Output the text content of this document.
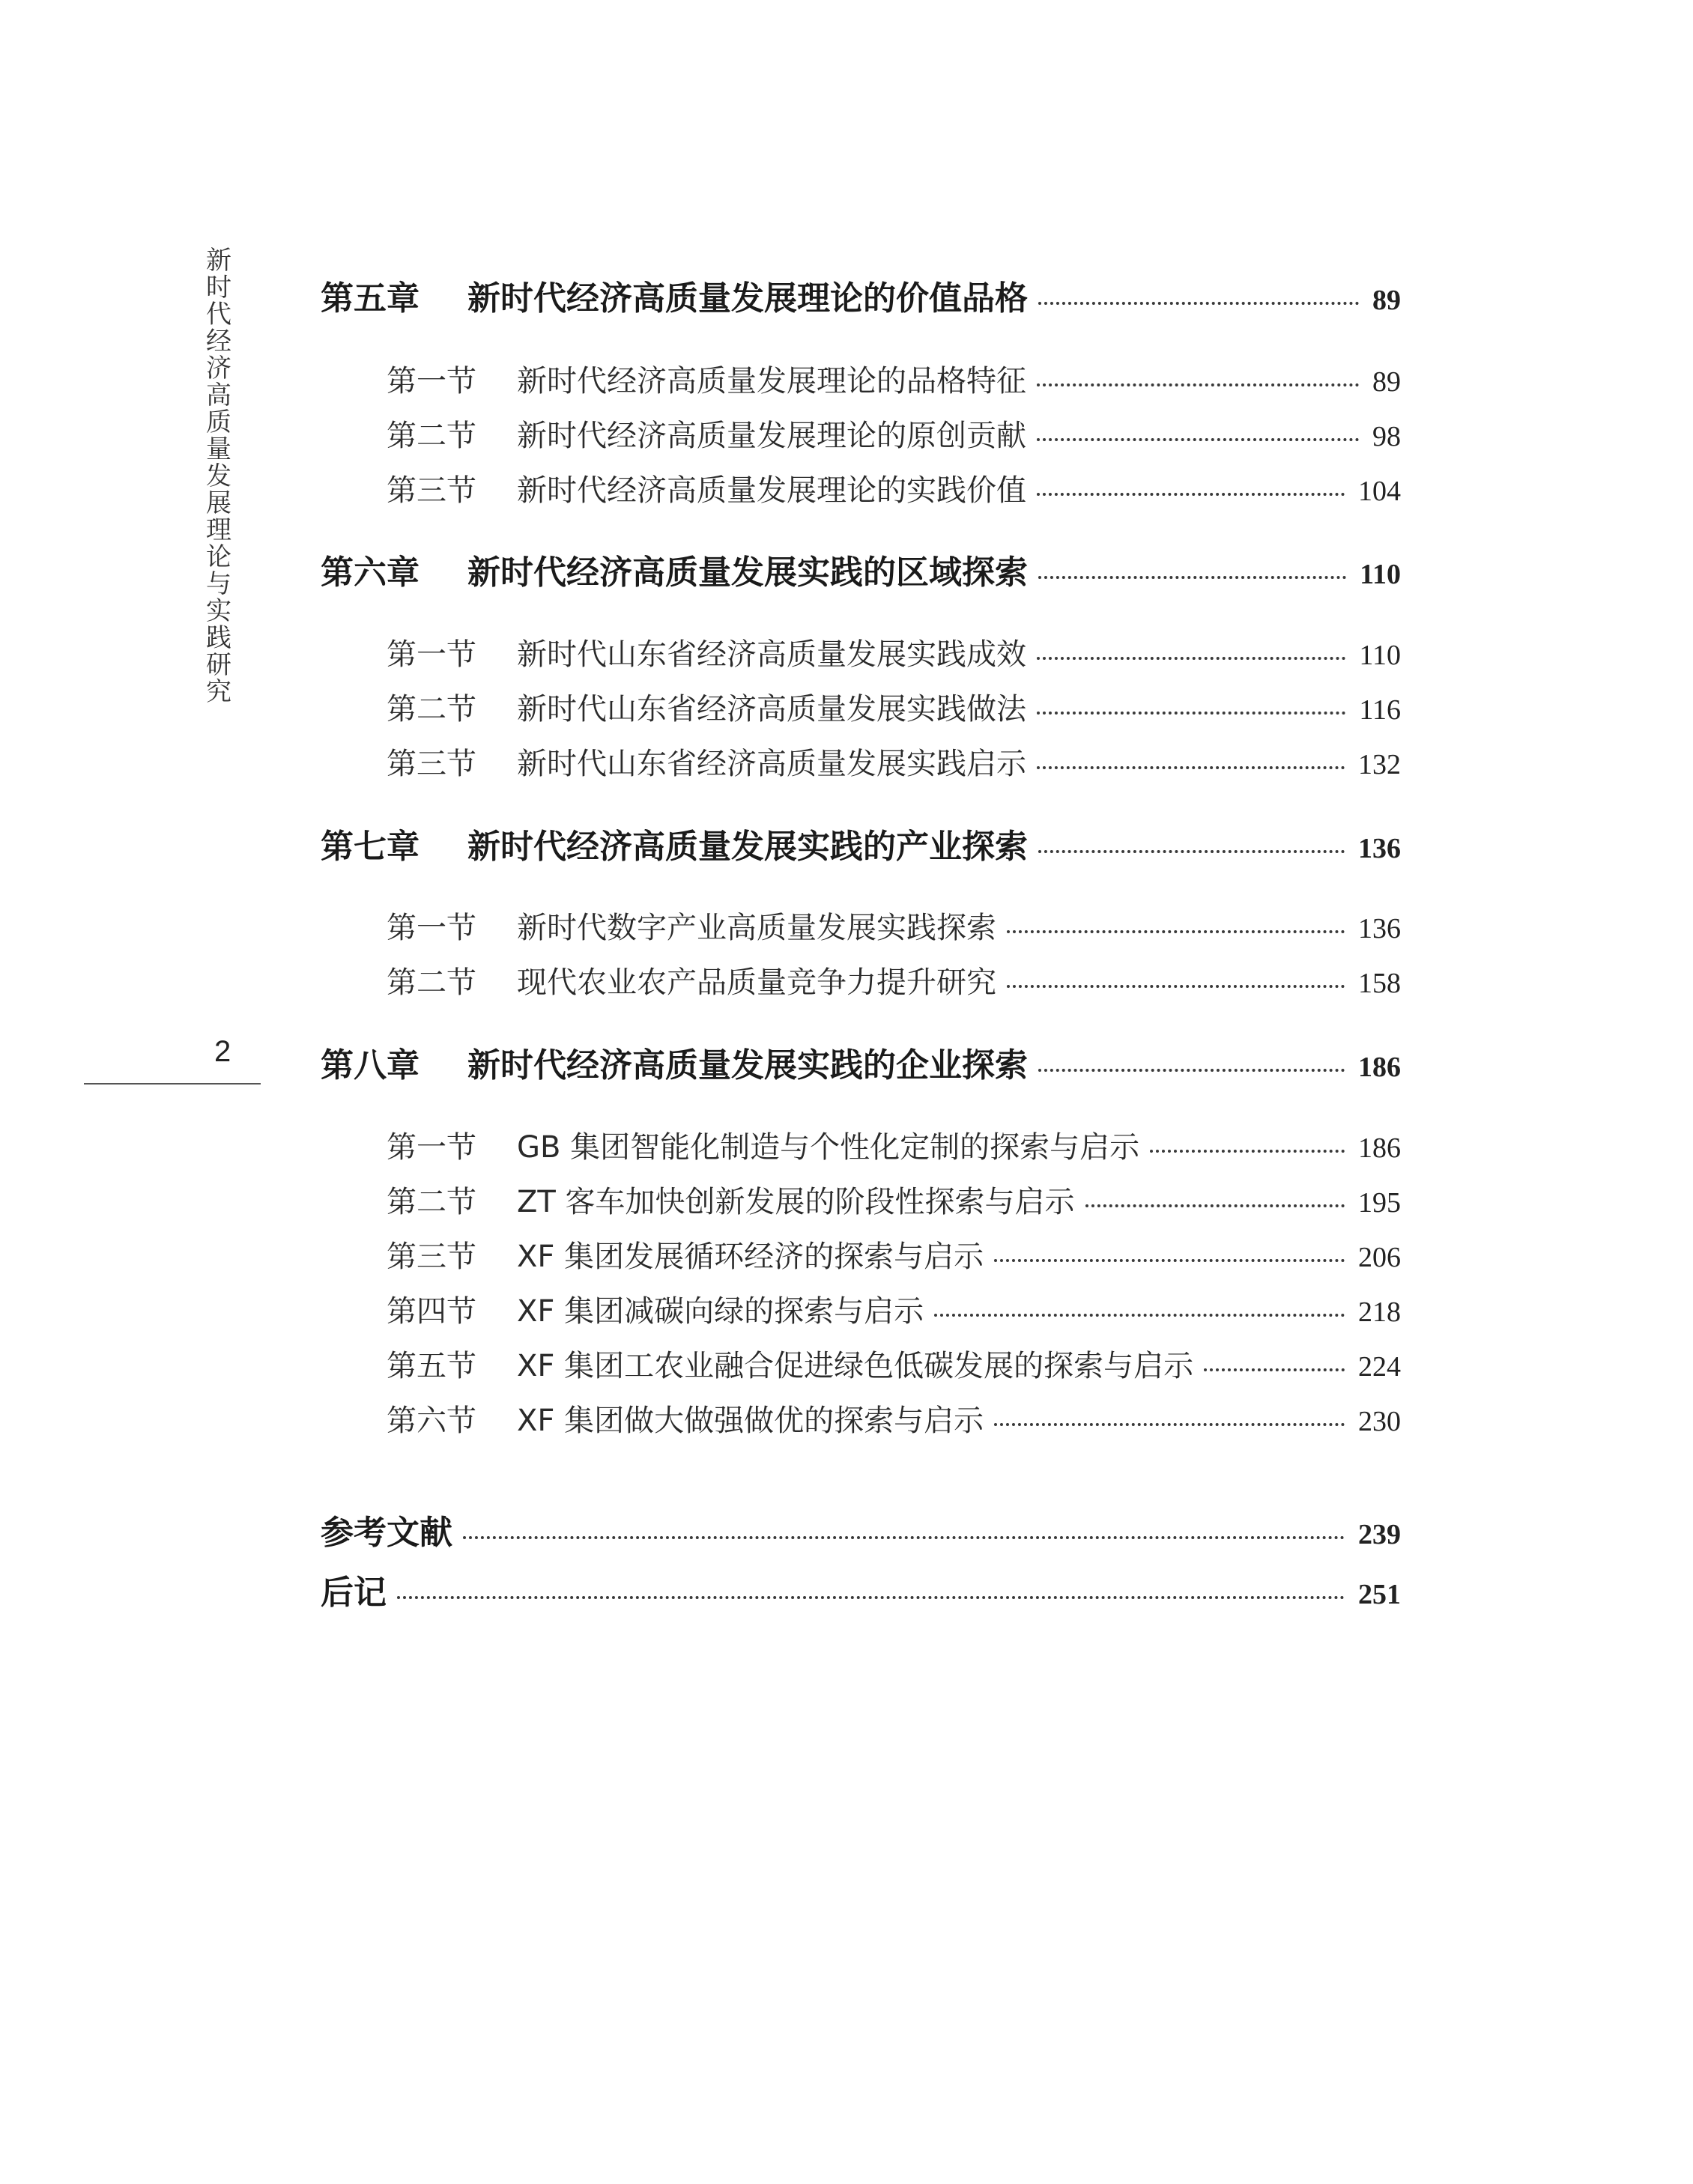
新时代经济高质量发展理论与实践研究
2
第五章 新时代经济高质量发展理论的价值品格	89
第一节 新时代经济高质量发展理论的品格特征	89
第二节 新时代经济高质量发展理论的原创贡献	98
第三节 新时代经济高质量发展理论的实践价值	104
第六章 新时代经济高质量发展实践的区域探索	110
第一节 新时代山东省经济高质量发展实践成效	110
第二节 新时代山东省经济高质量发展实践做法	116
第三节 新时代山东省经济高质量发展实践启示	132
第七章 新时代经济高质量发展实践的产业探索	136
第一节 新时代数字产业高质量发展实践探索	136
第二节 现代农业农产品质量竞争力提升研究	158
第八章 新时代经济高质量发展实践的企业探索	186
第一节 GB 集团智能化制造与个性化定制的探索与启示	186
第二节 ZT 客车加快创新发展的阶段性探索与启示	195
第三节 XF 集团发展循环经济的探索与启示	206
第四节 XF 集团减碳向绿的探索与启示	218
第五节 XF 集团工农业融合促进绿色低碳发展的探索与启示	224
第六节 XF 集团做大做强做优的探索与启示	230
参考文献	239
后记	251
